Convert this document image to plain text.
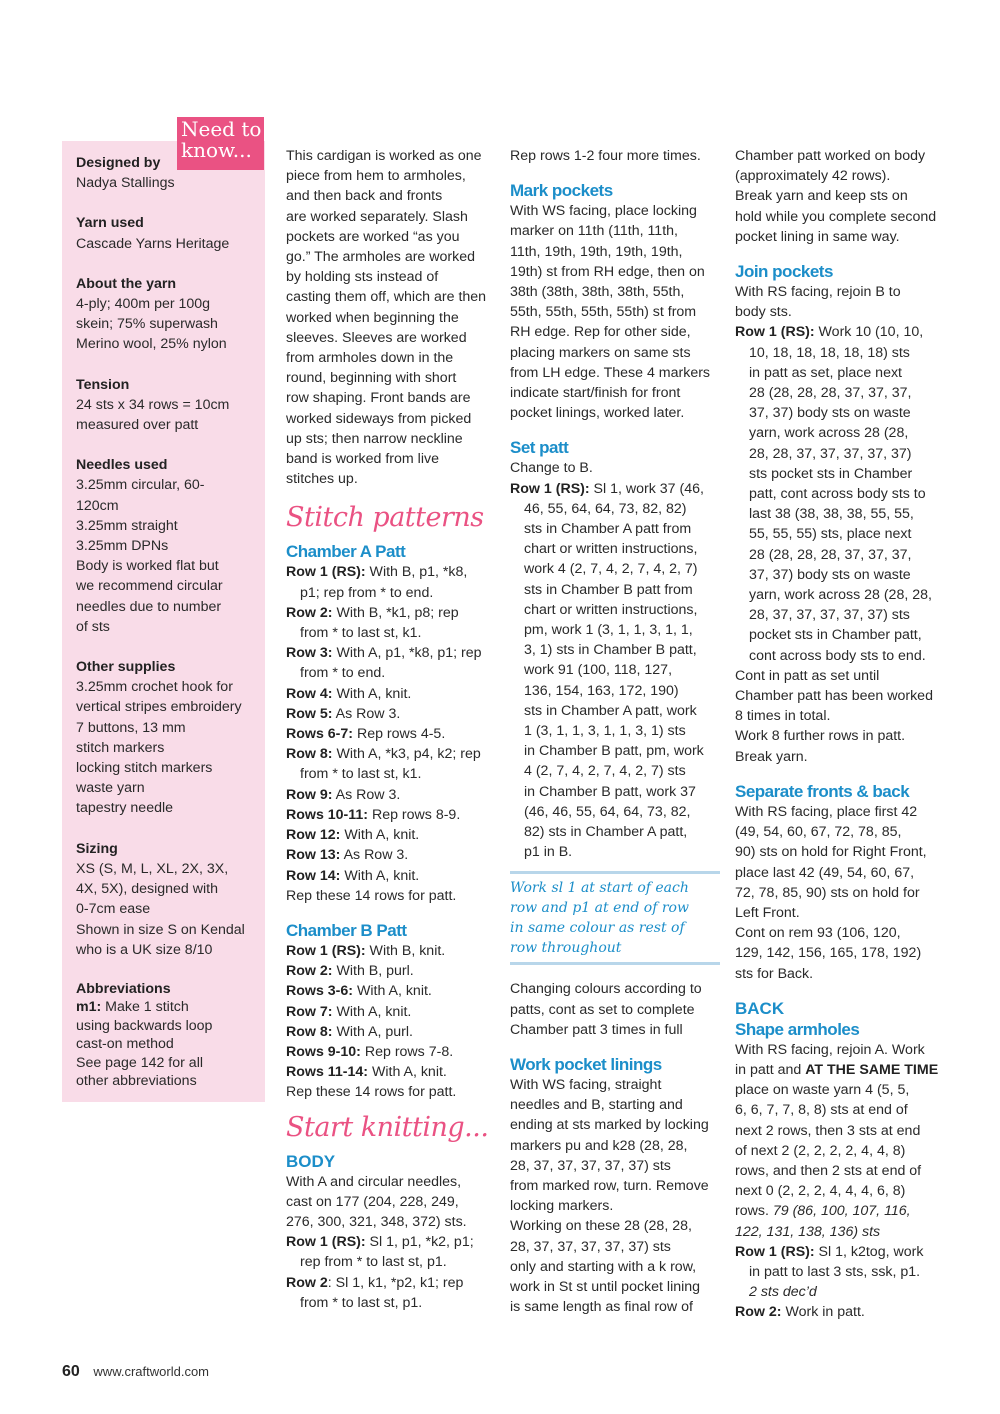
Designed by
Nadya Stallings
Yarn used
Cascade Yarns Heritage
About the yarn
4-ply; 400m per 100g
skein; 75% superwash
Merino wool, 25% nylon
Tension
24 sts x 34 rows = 10cm
measured over patt
Needles used
3.25mm circular, 60-
120cm
3.25mm straight
3.25mm DPNs
Body is worked flat but
we recommend circular
needles due to number
of sts
Other supplies
3.25mm crochet hook for
vertical stripes embroidery
7 buttons, 13 mm
stitch markers
locking stitch markers
waste yarn
tapestry needle
Sizing
XS (S, M, L, XL, 2X, 3X,
4X, 5X), designed with
0-7cm ease
Shown in size S on Kendal
who is a UK size 8/10
Abbreviations
m1: Make 1 stitch
using backwards loop
cast-on method
See page 142 for all
other abbreviations
Need to
know...	This cardigan is worked as one
piece from hem to armholes,
and then back and fronts
are worked separately. Slash
pockets are worked “as you
go.” The armholes are worked
by holding sts instead of
casting them off, which are then
worked when beginning the
sleeves. Sleeves are worked
from armholes down in the
round, beginning with short
row shaping. Front bands are
worked sideways from picked
up sts; then narrow neckline
band is worked from live
stitches up.
Stitch patterns
Chamber A Patt
Row 1 (RS): With B, p1, *k8,
p1; rep from * to end.
Row 2: With B, *k1, p8; rep
from * to last st, k1.
Row 3: With A, p1, *k8, p1; rep
from * to end.
Row 4: With A, knit.
Row 5: As Row 3.
Rows 6-7: Rep rows 4-5.
Row 8: With A, *k3, p4, k2; rep
from * to last st, k1.
Row 9: As Row 3.
Rows 10-11: Rep rows 8-9.
Row 12: With A, knit.
Row 13: As Row 3.
Row 14: With A, knit.
Rep these 14 rows for patt.
Chamber B Patt
Row 1 (RS): With B, knit.
Row 2: With B, purl.
Rows 3-6: With A, knit.
Row 7: With A, knit.
Row 8: With A, purl.
Rows 9-10: Rep rows 7-8.
Rows 11-14: With A, knit.
Rep these 14 rows for patt.
Start knitting...
BODY
With A and circular needles,
cast on 177 (204, 228, 249,
276, 300, 321, 348, 372) sts.
Row 1 (RS): Sl 1, p1, *k2, p1;
rep from * to last st, p1.
Row 2: Sl 1, k1, *p2, k1; rep
from * to last st, p1.
Rep rows 1-2 four more times.
Mark pockets
With WS facing, place locking
marker on 11th (11th, 11th,
11th, 19th, 19th, 19th, 19th,
19th) st from RH edge, then on
38th (38th, 38th, 38th, 55th,
55th, 55th, 55th, 55th) st from
RH edge. Rep for other side,
placing markers on same sts
from LH edge. These 4 markers
indicate start/finish for front
pocket linings, worked later.
Set patt
Change to B.
Row 1 (RS): Sl 1, work 37 (46,
46, 55, 64, 64, 73, 82, 82)
sts in Chamber A patt from
chart or written instructions,
work 4 (2, 7, 4, 2, 7, 4, 2, 7)
sts in Chamber B patt from
chart or written instructions,
pm, work 1 (3, 1, 1, 3, 1, 1,
3, 1) sts in Chamber B patt,
work 91 (100, 118, 127,
136, 154, 163, 172, 190)
sts in Chamber A patt, work
1 (3, 1, 1, 3, 1, 1, 3, 1) sts
in Chamber B patt, pm, work
4 (2, 7, 4, 2, 7, 4, 2, 7) sts
in Chamber B patt, work 37
(46, 46, 55, 64, 64, 73, 82,
82) sts in Chamber A patt,
p1 in B.
Work sl 1 at start of each
row and p1 at end of row
in same colour as rest of
row throughout
Changing colours according to
patts, cont as set to complete
Chamber patt 3 times in full
Work pocket linings
With WS facing, straight
needles and B, starting and
ending at sts marked by locking
markers pu and k28 (28, 28,
28, 37, 37, 37, 37, 37) sts
from marked row, turn. Remove
locking markers.
Working on these 28 (28, 28,
28, 37, 37, 37, 37, 37) sts
only and starting with a k row,
work in St st until pocket lining
is same length as final row of
Chamber patt worked on body
(approximately 42 rows).
Break yarn and keep sts on
hold while you complete second
pocket lining in same way.
Join pockets
With RS facing, rejoin B to
body sts.
Row 1 (RS): Work 10 (10, 10,
10, 18, 18, 18, 18, 18) sts
in patt as set, place next
28 (28, 28, 28, 37, 37, 37,
37, 37) body sts on waste
yarn, work across 28 (28,
28, 28, 37, 37, 37, 37, 37)
sts pocket sts in Chamber
patt, cont across body sts to
last 38 (38, 38, 38, 55, 55,
55, 55, 55) sts, place next
28 (28, 28, 28, 37, 37, 37,
37, 37) body sts on waste
yarn, work across 28 (28, 28,
28, 37, 37, 37, 37, 37) sts
pocket sts in Chamber patt,
cont across body sts to end.
Cont in patt as set until
Chamber patt has been worked
8 times in total.
Work 8 further rows in patt.
Break yarn.
Separate fronts & back
With RS facing, place first 42
(49, 54, 60, 67, 72, 78, 85,
90) sts on hold for Right Front,
place last 42 (49, 54, 60, 67,
72, 78, 85, 90) sts on hold for
Left Front.
Cont on rem 93 (106, 120,
129, 142, 156, 165, 178, 192)
sts for Back.
BACK
Shape armholes
With RS facing, rejoin A. Work
in patt and AT THE SAME TIME
place on waste yarn 4 (5, 5,
6, 6, 7, 7, 8, 8) sts at end of
next 2 rows, then 3 sts at end
of next 2 (2, 2, 2, 2, 4, 4, 8)
rows, and then 2 sts at end of
next 0 (2, 2, 2, 4, 4, 4, 6, 8)
rows. 79 (86, 100, 107, 116,
122, 131, 138, 136) sts
Row 1 (RS): Sl 1, k2tog, work
in patt to last 3 sts, ssk, p1.
2 sts dec’d
Row 2: Work in patt.
60 www.craftworld.com
